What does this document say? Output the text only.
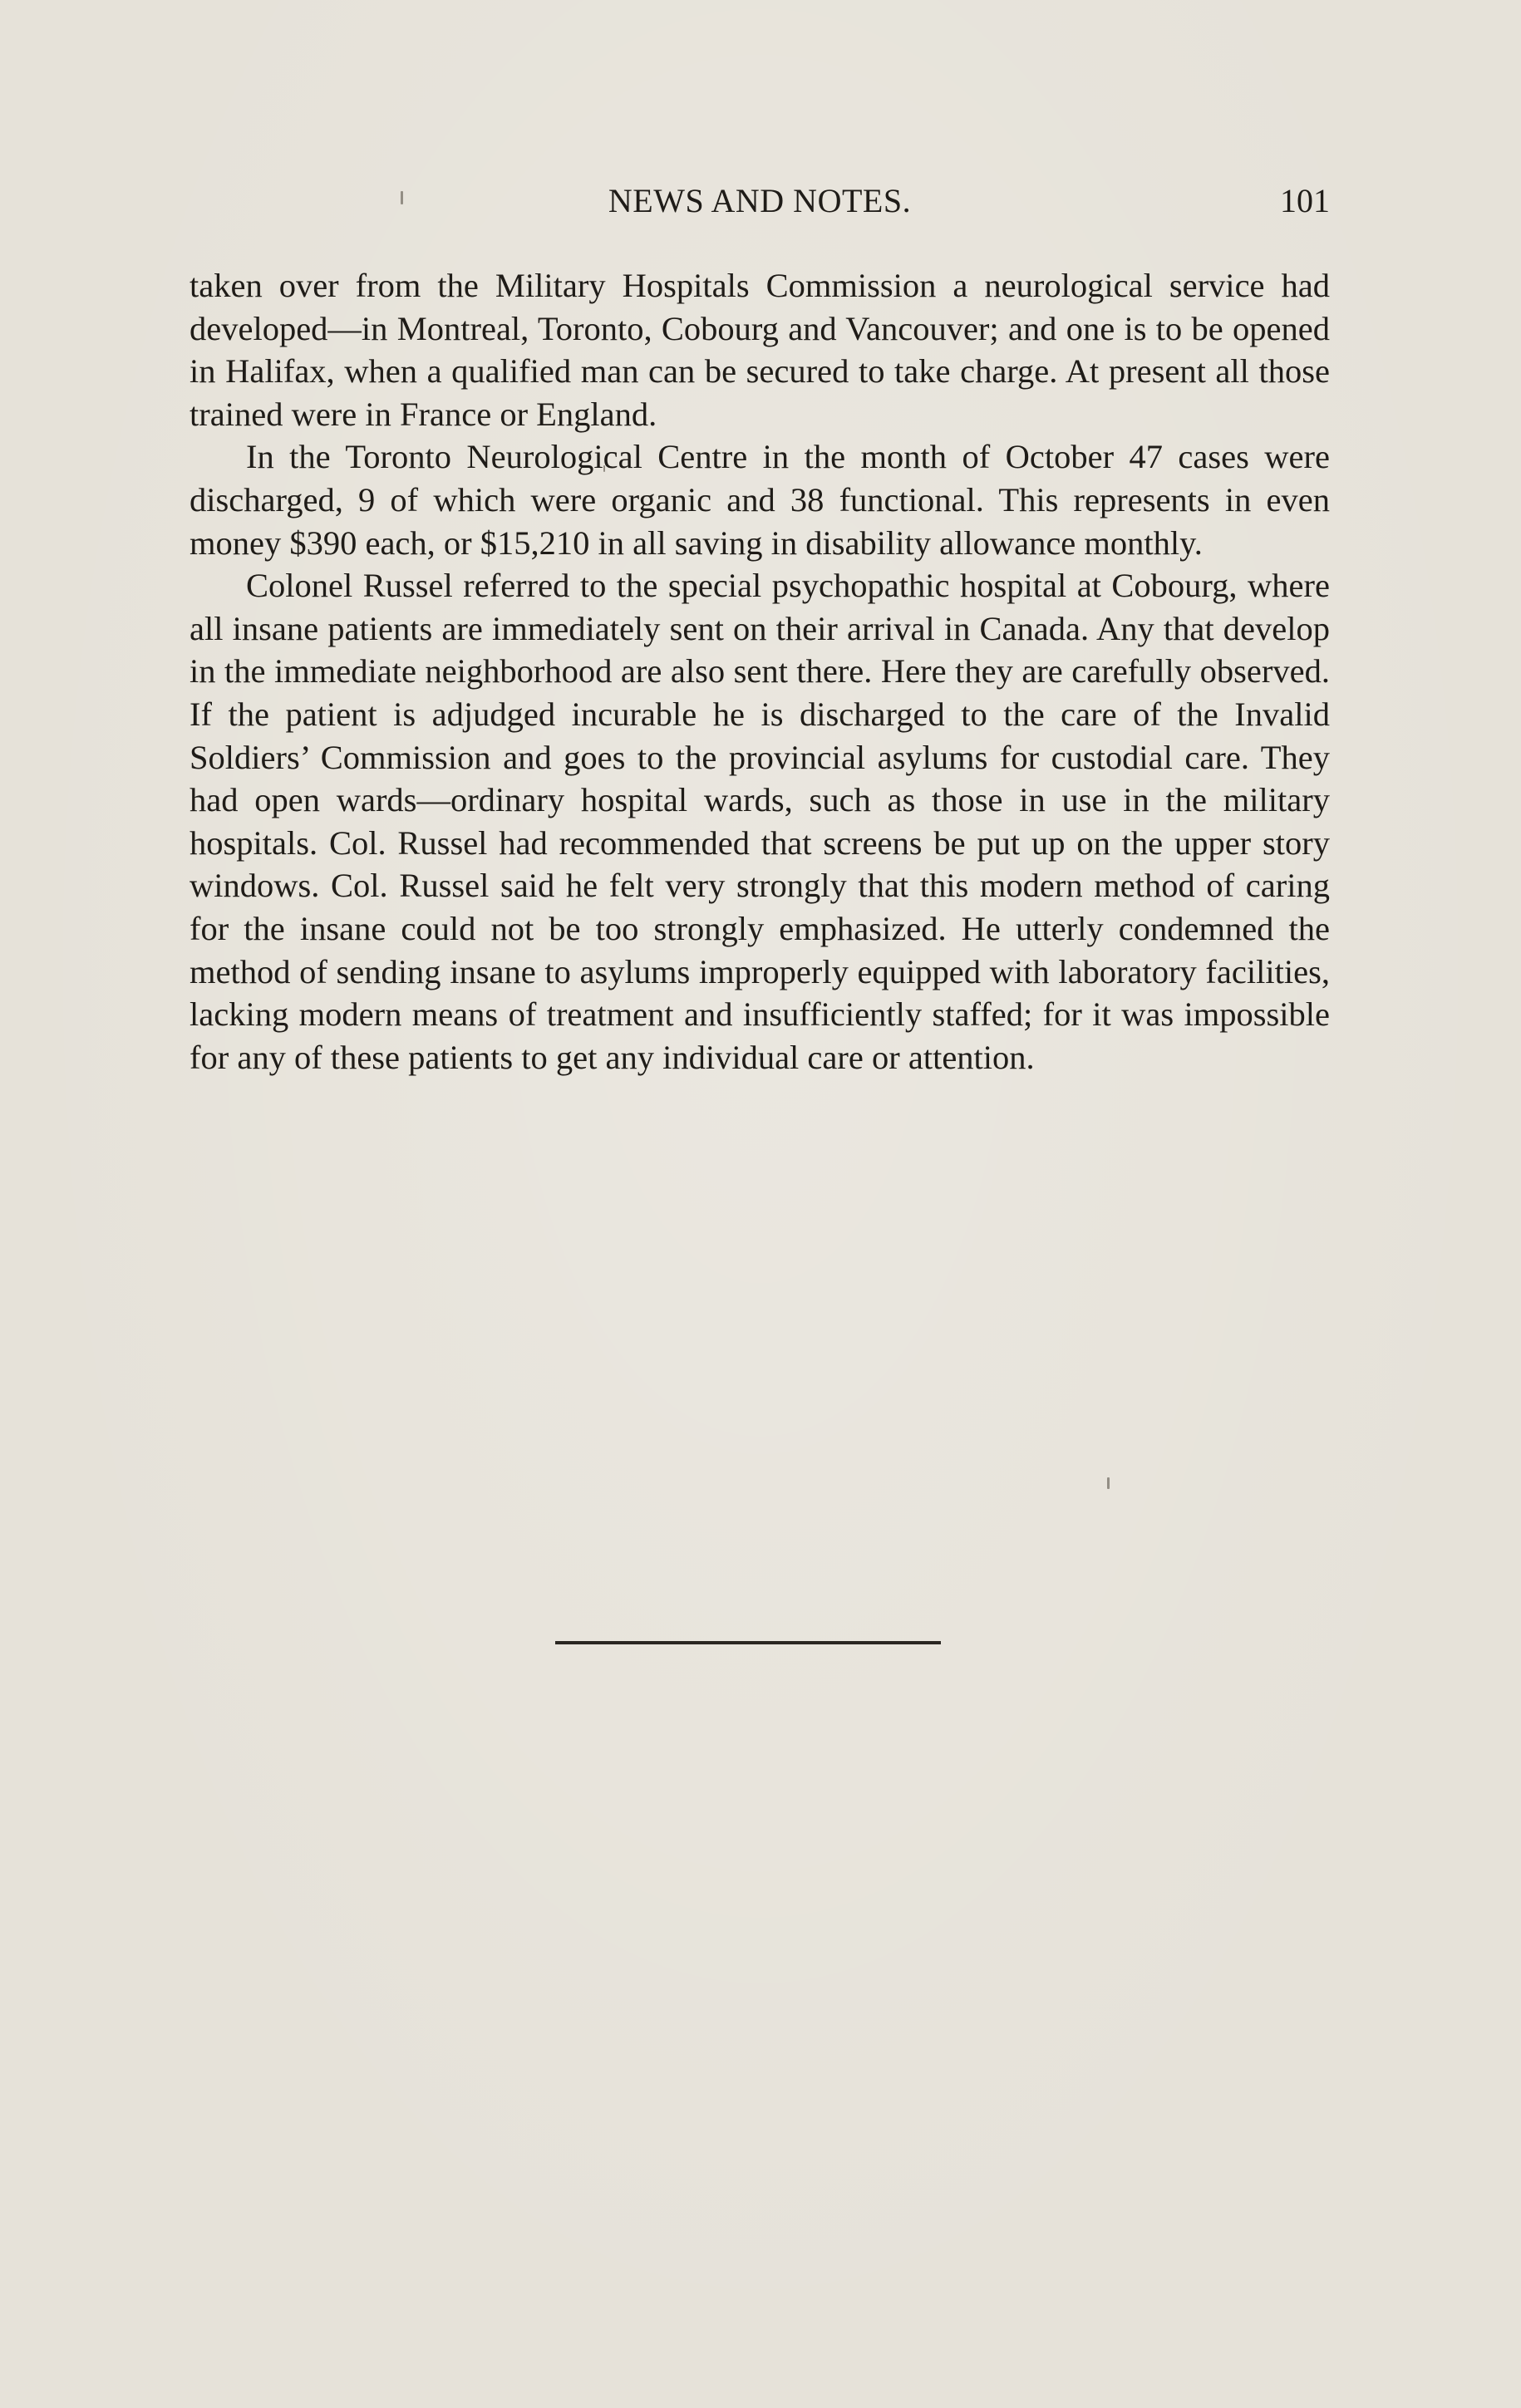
NEWS AND NOTES.	101

taken over from the Military Hospitals Commission a neurological service had developed—in Montreal, Toronto, Cobourg and Vancouver; and one is to be opened in Halifax, when a qualified man can be secured to take charge. At present all those trained were in France or England.

In the Toronto Neurological Centre in the month of October 47 cases were discharged, 9 of which were organic and 38 functional. This represents in even money $390 each, or $15,210 in all saving in disability allowance monthly.

Colonel Russel referred to the special psychopathic hospital at Cobourg, where all insane patients are immediately sent on their arrival in Canada. Any that develop in the immediate neighborhood are also sent there. Here they are carefully observed. If the patient is adjudged incurable he is discharged to the care of the Invalid Soldiers’ Commission and goes to the provincial asylums for custodial care. They had open wards—ordinary hospital wards, such as those in use in the military hospitals. Col. Russel had recommended that screens be put up on the upper story windows. Col. Russel said he felt very strongly that this modern method of caring for the insane could not be too strongly emphasized. He utterly condemned the method of sending insane to asylums improperly equipped with laboratory facilities, lacking modern means of treatment and insufficiently staffed; for it was impossible for any of these patients to get any individual care or attention.
